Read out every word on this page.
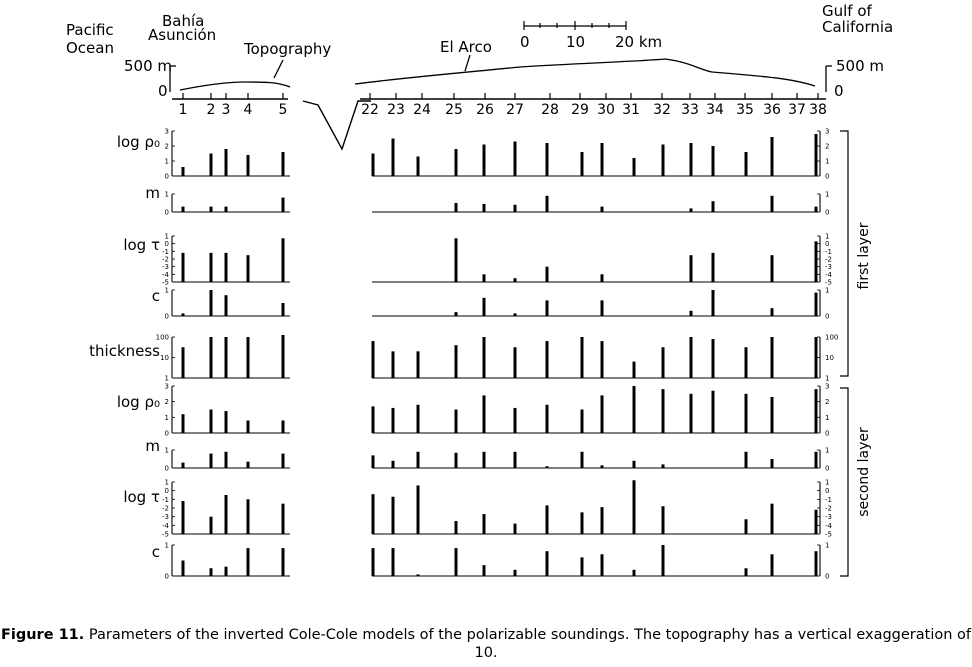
Pacific
Ocean
Bahía
Asunción
Topography	El Arco
Gulf of
California
500 m
0
500 m
0
0 10 20 km
1 2 3 4 5	22 23 24 25 26 27 28 29 30 31 32 33 34 35 36 37 38
log ρ₀
0	0
1	1
2	2
3	3
m
0	0
1	1
log τ
-5	-5
-4	-4
-3	-3
-2	-2
-1	-1
0	0
1	1
c
0	0
1	1
thickness
1	1
10	10
100	100
log ρ₀
0	0
1	1
2	2
3	3
m
0	0
1	1
log τ
-5	-5
-4	-4
-3	-3
-2	-2
-1	-1
0	0
1	1
c
0	0
1	1
first layer
second layer
Figure 11. Parameters of the inverted Cole-Cole models of the polarizable soundings. The topography has a vertical exaggeration of 10.
